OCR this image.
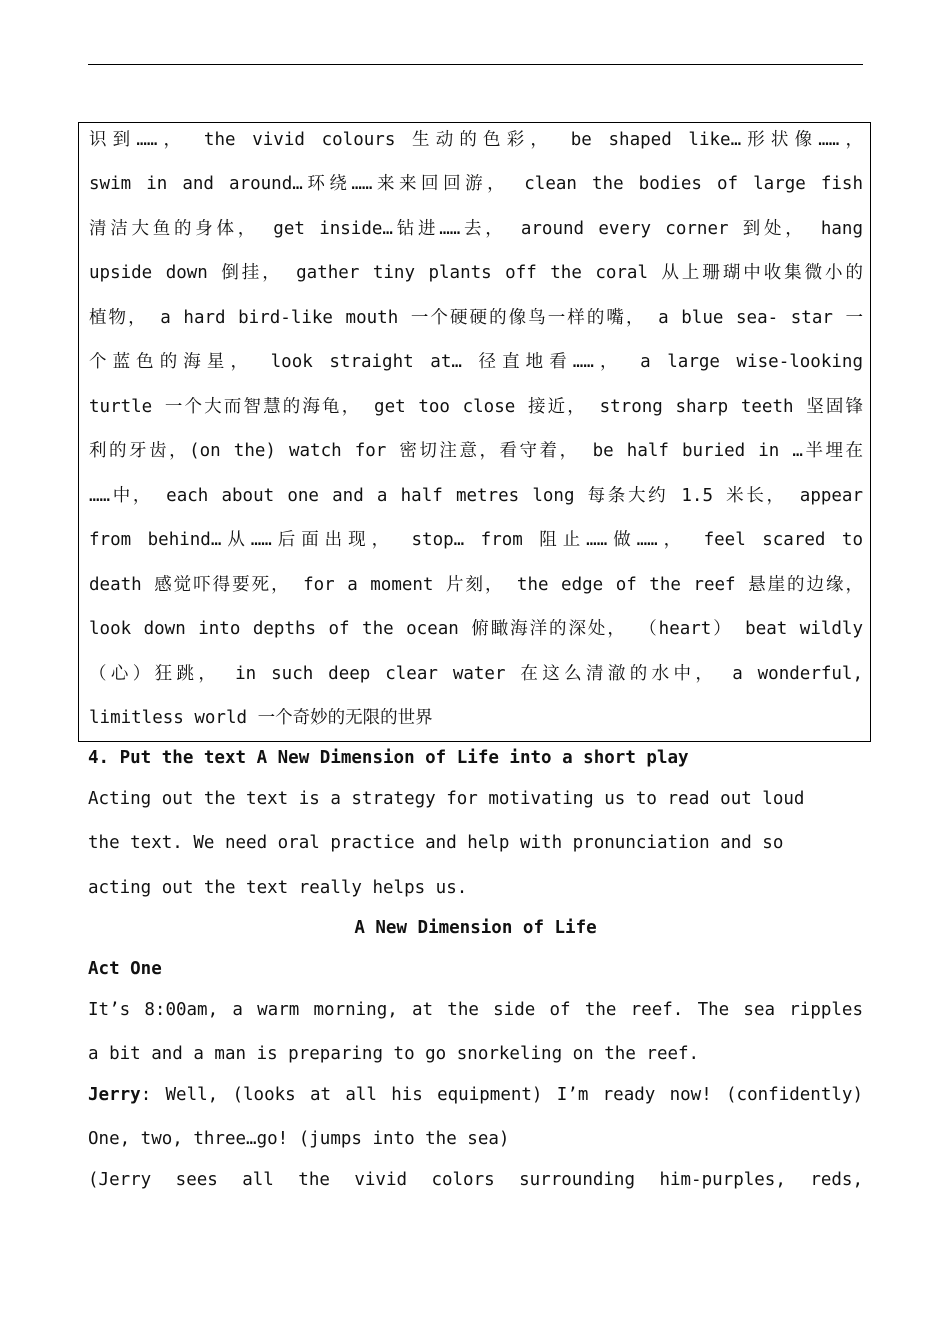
识到……， the vivid colours 生动的色彩， be shaped like…形状像……，
swim in and around…环绕……来来回回游， clean the bodies of large fish
清洁大鱼的身体， get inside…钻进……去， around every corner 到处， hang
upside down 倒挂， gather tiny plants off the coral 从上珊瑚中收集微小的
植物， a hard bird-like mouth 一个硬硬的像鸟一样的嘴， a blue sea- star 一
个蓝色的海星， look straight at… 径直地看……， a large wise-looking
turtle 一个大而智慧的海龟， get too close 接近， strong sharp teeth 坚固锋
利的牙齿，(on the) watch for 密切注意，看守着， be half buried in …半埋在
……中， each about one and a half metres long 每条大约 1.5 米长， appear
from behind…从……后面出现， stop… from 阻止……做……， feel scared to
death 感觉吓得要死， for a moment 片刻， the edge of the reef 悬崖的边缘，
look down into depths of the ocean 俯瞰海洋的深处， （heart） beat wildly
（心）狂跳， in such deep clear water 在这么清澈的水中， a wonderful,
limitless world 一个奇妙的无限的世界
4. Put the text A New Dimension of Life into a short play
Acting out the text is a strategy for motivating us to read out loud
the text. We need oral practice and help with pronunciation and so
acting out the text really helps us.
A New Dimension of Life
Act One
It’s 8:00am, a warm morning, at the side of the reef. The sea ripples
a bit and a man is preparing to go snorkeling on the reef.
Jerry: Well, (looks at all his equipment) I’m ready now! (confidently)
One, two, three…go! (jumps into the sea)
(Jerry sees all the vivid colors surrounding him-purples, reds,
